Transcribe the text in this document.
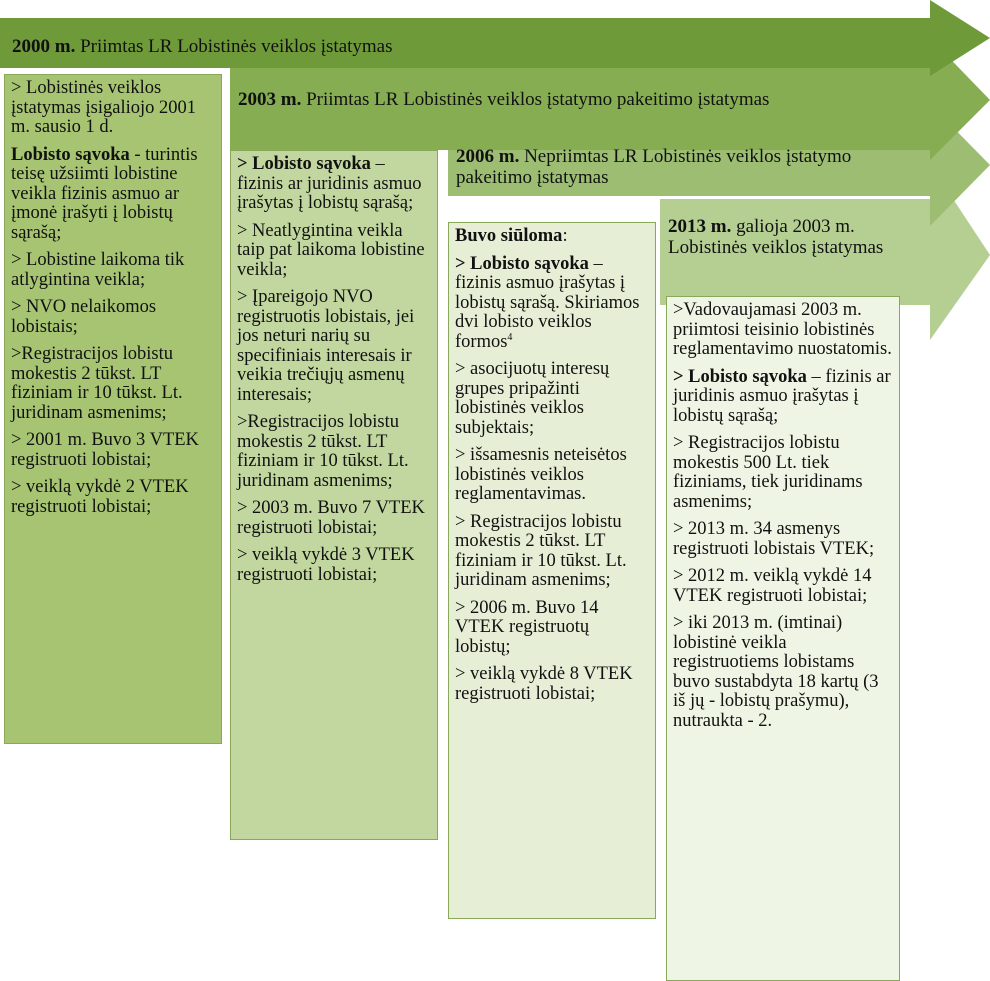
> Lobistinės veiklos įstatymas įsigaliojo 2001 m. sausio 1 d.

Lobisto sąvoka - turintis teisę užsiimti lobistine veikla fizinis asmuo ar įmonė įrašyti į lobistų sąrašą;

> Lobistine laikoma tik atlygintina veikla;

> NVO nelaikomos lobistais;

>Registracijos lobistu mokestis 2 tūkst. LT fiziniam ir 10 tūkst. Lt. juridinam asmenims;

> 2001 m. Buvo 3 VTEK registruoti lobistai;

> veiklą vykdė 2 VTEK registruoti lobistai;

> Lobisto sąvoka – fizinis ar juridinis asmuo įrašytas į lobistų sąrašą;

> Neatlygintina veikla taip pat laikoma lobistine veikla;

> Įpareigojo NVO registruotis lobistais, jei jos neturi narių su specifiniais interesais ir veikia trečiųjų asmenų interesais;

>Registracijos lobistu mokestis 2 tūkst. LT fiziniam ir 10 tūkst. Lt. juridinam asmenims;

> 2003 m. Buvo 7 VTEK registruoti lobistai;

> veiklą vykdė 3 VTEK registruoti lobistai;

Buvo siūloma:

> Lobisto sąvoka – fizinis asmuo įrašytas į lobistų sąrašą. Skiriamos dvi lobisto veiklos formos$^4$

> asocijuotų interesų grupes pripažinti lobistinės veiklos subjektais;

> išsamesnis neteisėtos lobistinės veiklos reglamentavimas.

> Registracijos lobistu mokestis 2 tūkst. LT fiziniam ir 10 tūkst. Lt. juridinam asmenims;

> 2006 m. Buvo 14 VTEK registruotų lobistų;

> veiklą vykdė 8 VTEK registruoti lobistai;

>Vadovaujamasi 2003 m. priimtosi teisinio lobistinės reglamentavimo nuostatomis.

> Lobisto sąvoka – fizinis ar juridinis asmuo įrašytas į lobistų sąrašą;

> Registracijos lobistu mokestis 500 Lt. tiek fiziniams, tiek juridinams asmenims;

> 2013 m. 34 asmenys registruoti lobistais VTEK;

> 2012 m. veiklą vykdė 14 VTEK registruoti lobistai;

> iki 2013 m. (imtinai) lobistinė veikla registruotiems lobistams buvo sustabdyta 18 kartų (3 iš jų - lobistų prašymu), nutraukta - 2.

2000 m. Priimtas LR Lobistinės veiklos įstatymas
2003 m. Priimtas LR Lobistinės veiklos įstatymo pakeitimo įstatymas
2006 m. Nepriimtas LR Lobistinės veiklos įstatymo pakeitimo įstatymas
2013 m. galioja 2003 m. Lobistinės veiklos įstatymas
